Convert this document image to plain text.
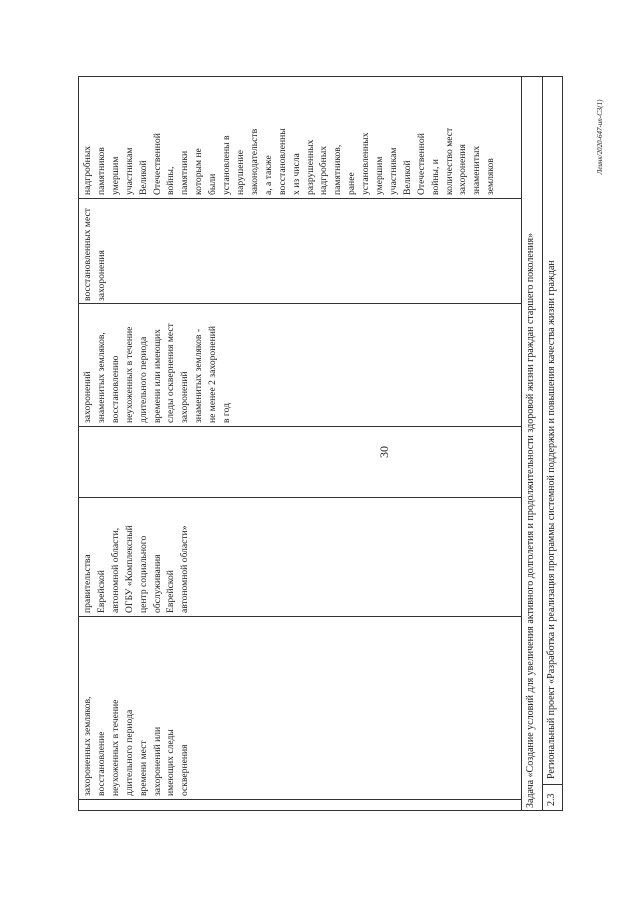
30
Леинк/2020-647-ип-СЗ(1)
захороненных земляков,
восстановление
неухоженных в течение
длительного периода
времени мест
захоронений или
имеющих следы
осквернения
правительства
Еврейской
автономной области,
ОГБУ «Комплексный
центр социального
обслуживания
Еврейской
автономной области»
захоронений
знаменитых земляков,
восстановлению
неухоженных в течение
длительного периода
времени или имеющих
следы осквернения мест
захоронений
знаменитых земляков -
не менее 2 захоронений
в год
восстановленных мест
захоронения
надгробных
памятников
умершим
участникам
Великой
Отечественной
войны,
памятники
которым не
были
установлены в
нарушение
законодательств
а, а также
восстановленны
х из числа
разрушенных
надгробных
памятников,
ранее
установленных
умершим
участникам
Великой
Отечественной
войны, и
количество мест
захоронения
знаменитых
земляков
Задача «Создание условий для увеличения активного долголетия и продолжительности здоровой жизни граждан старшего поколения» 2.3
Региональный проект «Разработка и реализация программы системной поддержки и повышения качества жизни граждан
